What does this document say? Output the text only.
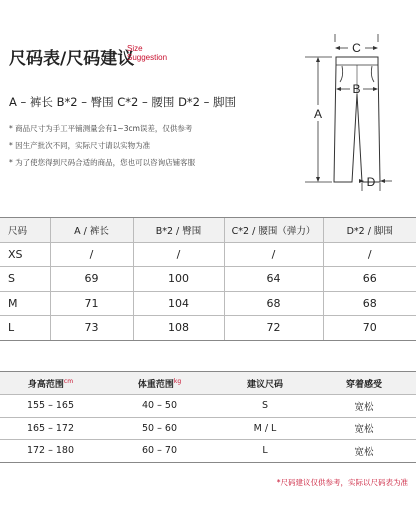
尺码表/尺码建议
Size
Suggestion
A – 裤长 B*2 – 臀围 C*2 – 腰围 D*2 – 脚围
* 商品尺寸为手工平铺测量会有1~3cm误差，仅供参考
* 因生产批次不同，实际尺寸请以实物为准
* 为了使您得到尺码合适的商品，您也可以咨询店铺客服
C
B
A
D
尺码	A / 裤长	B*2 / 臀围	C*2 / 腰围（弹力）	D*2 / 脚围
XS	/	/	/	/
S	69	100	64	66
M	71	104	68	68
L	73	108	72	70
身高范围$^{cm}$	体重范围$^{kg}$	建议尺码	穿着感受
155 – 165	40 – 50	S	宽松
165 – 172	50 – 60	M / L	宽松
172 – 180	60 – 70	L	宽松
*尺码建议仅供参考，实际以尺码表为准
